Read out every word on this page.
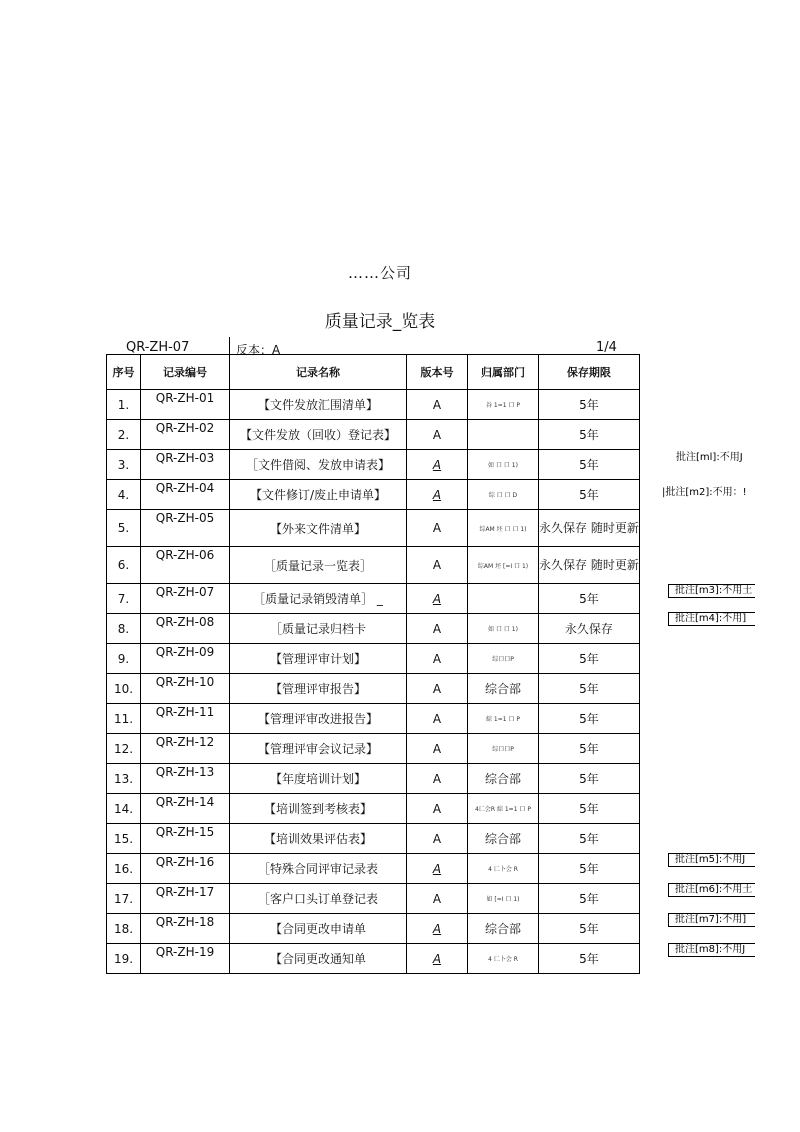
……公司
质量记录_览表
QR-ZH-07	反本：A	1/4
序号	记录编号	记录名称	版本号	归属部门	保存期限
1.	QR-ZH-01	【文件发放汇围清单】	A	谷 1=1 口 P	5年
2.	QR-ZH-02	【文件发放（回收）登记表】	A		5年
3.	QR-ZH-03	［文件借阅、发放申请表】	A	如 口 口 1)	5年
4.	QR-ZH-04	【文件修订/废止申请单】	A	综 口 口 D	5年
5.	QR-ZH-05	【外来文件清单】	A	综AM 坯 口 口 1)	永久保存 随时更新
6.	QR-ZH-06	［质量记录一览表］	A	综AM 坯 [=I 口 1)	永久保存 随时更新
7.	QR-ZH-07	［质量记录销毁清单］ _	A		5年
8.	QR-ZH-08	［质量记录归档卡	A	如 口 口 1)	永久保存
9.	QR-ZH-09	【管理评审计划】	A	综口口P	5年
10.	QR-ZH-10	【管理评审报告】	A	综合部	5年
11.	QR-ZH-11	【管理评审改进报告】	A	綜 1=1 口 P	5年
12.	QR-ZH-12	【管理评审会议记录】	A	综口口P	5年
13.	QR-ZH-13	【年度培训计划】	A	综合部	5年
14.	QR-ZH-14	【培训签到考核表】	A	4匸会R 綜 1=1 口 P	5年
15.	QR-ZH-15	【培训效果评估表】	A	综合部	5年
16.	QR-ZH-16	［特殊合同评审记录表	A	4 匸卜会 R	5年
17.	QR-ZH-17	［客户口头订单登记表	A	如 [=I 口 1)	5年
18.	QR-ZH-18	【合同更改申请单	A	综合部	5年
19.	QR-ZH-19	【合同更改通知单	A	4 匸卜会 R	5年
批注[ml]:不用J
|批注[m2]:不用：!
批注[m3]:不用土
批注[m4]:不用]
批注[m5]:不用J
批注[m6]:不用土
批注[m7]:不用]
批注[m8]:不用J
